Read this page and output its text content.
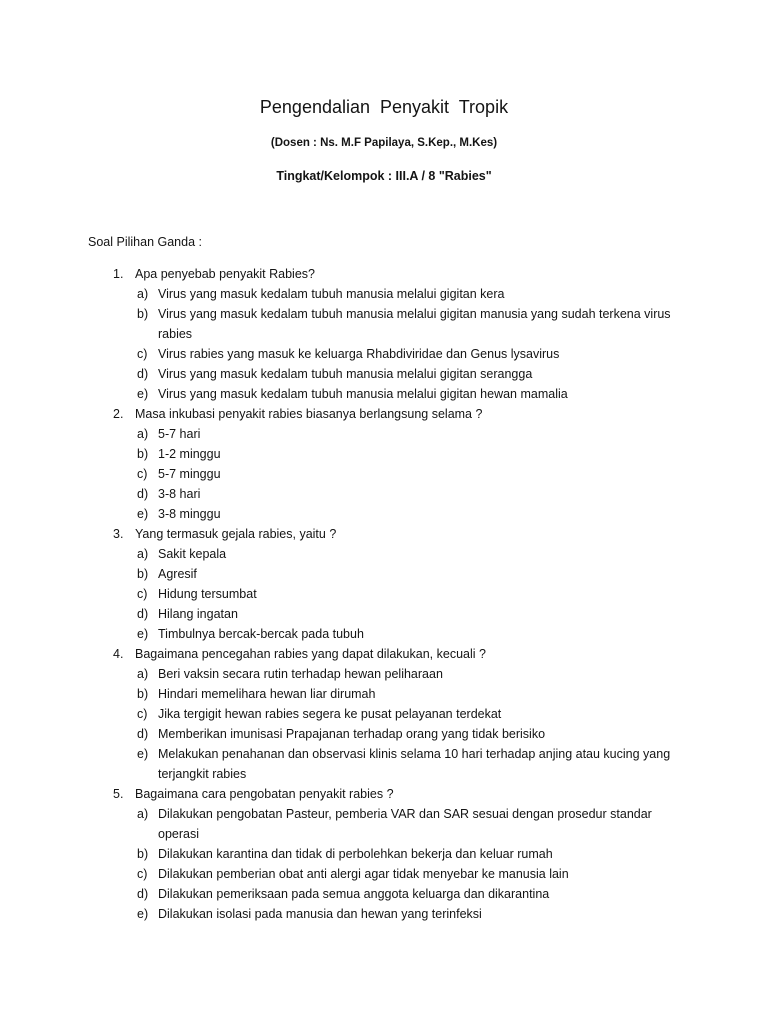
Pengendalian  Penyakit  Tropik

(Dosen : Ns. M.F Papilaya, S.Kep., M.Kes)

Tingkat/Kelompok : III.A / 8 "Rabies"

Soal Pilihan Ganda :

1. Apa penyebab penyakit Rabies?
a) Virus yang masuk kedalam tubuh manusia melalui gigitan kera
b) Virus yang masuk kedalam tubuh manusia melalui gigitan manusia yang sudah terkena virus rabies
c) Virus rabies yang masuk ke keluarga Rhabdiviridae dan Genus lysavirus
d) Virus yang masuk kedalam tubuh manusia melalui gigitan serangga
e) Virus yang masuk kedalam tubuh manusia melalui gigitan hewan mamalia
2. Masa inkubasi penyakit rabies biasanya berlangsung selama ?
a) 5-7 hari
b) 1-2 minggu
c) 5-7 minggu
d) 3-8 hari
e) 3-8 minggu
3. Yang termasuk gejala rabies, yaitu ?
a) Sakit kepala
b) Agresif
c) Hidung tersumbat
d) Hilang ingatan
e) Timbulnya bercak-bercak pada tubuh
4. Bagaimana pencegahan rabies yang dapat dilakukan, kecuali ?
a) Beri vaksin secara rutin terhadap hewan peliharaan
b) Hindari memelihara hewan liar dirumah
c) Jika tergigit hewan rabies segera ke pusat pelayanan terdekat
d) Memberikan imunisasi Prapajanan terhadap orang yang tidak berisiko
e) Melakukan penahanan dan observasi klinis selama 10 hari terhadap anjing atau kucing yang terjangkit rabies
5. Bagaimana cara pengobatan penyakit rabies ?
a) Dilakukan pengobatan Pasteur, pemberia VAR dan SAR sesuai dengan prosedur standar operasi
b) Dilakukan karantina dan tidak di perbolehkan bekerja dan keluar rumah
c) Dilakukan pemberian obat anti alergi agar tidak menyebar ke manusia lain
d) Dilakukan pemeriksaan pada semua anggota keluarga dan dikarantina
e) Dilakukan isolasi pada manusia dan hewan yang terinfeksi
